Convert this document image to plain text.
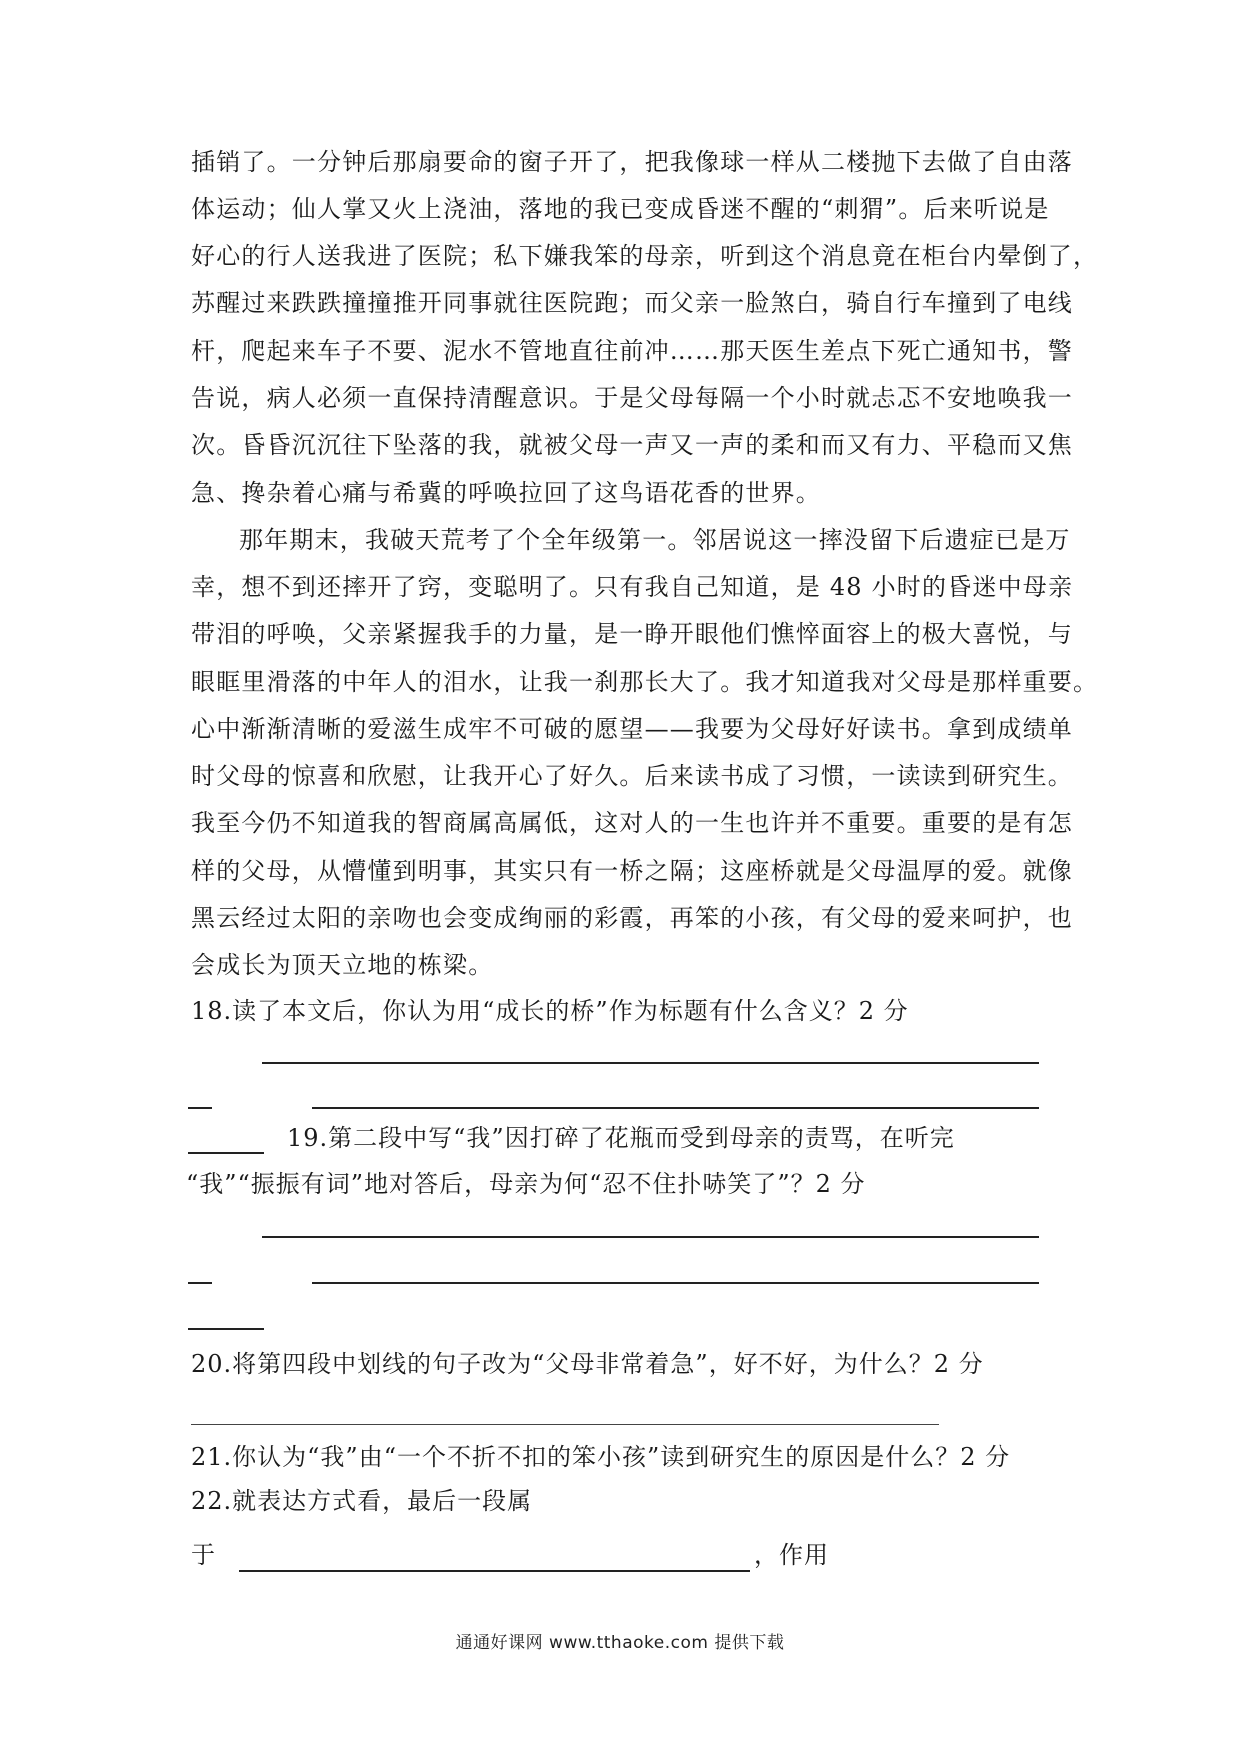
插销了。一分钟后那扇要命的窗子开了，把我像球一样从二楼抛下去做了自由落
体运动；仙人掌又火上浇油，落地的我已变成昏迷不醒的“刺猬”。后来听说是
好心的行人送我进了医院；私下嫌我笨的母亲，听到这个消息竟在柜台内晕倒了，
苏醒过来跌跌撞撞推开同事就往医院跑；而父亲一脸煞白，骑自行车撞到了电线
杆，爬起来车子不要、泥水不管地直往前冲……那天医生差点下死亡通知书，警
告说，病人必须一直保持清醒意识。于是父母每隔一个小时就忐忑不安地唤我一
次。昏昏沉沉往下坠落的我，就被父母一声又一声的柔和而又有力、平稳而又焦
急、搀杂着心痛与希冀的呼唤拉回了这鸟语花香的世界。
那年期末，我破天荒考了个全年级第一。邻居说这一摔没留下后遗症已是万
幸，想不到还摔开了窍，变聪明了。只有我自己知道，是 48 小时的昏迷中母亲
带泪的呼唤，父亲紧握我手的力量，是一睁开眼他们憔悴面容上的极大喜悦，与
眼眶里滑落的中年人的泪水，让我一刹那长大了。我才知道我对父母是那样重要。
心中渐渐清晰的爱滋生成牢不可破的愿望——我要为父母好好读书。拿到成绩单
时父母的惊喜和欣慰，让我开心了好久。后来读书成了习惯，一读读到研究生。
我至今仍不知道我的智商属高属低，这对人的一生也许并不重要。重要的是有怎
样的父母，从懵懂到明事，其实只有一桥之隔；这座桥就是父母温厚的爱。就像
黑云经过太阳的亲吻也会变成绚丽的彩霞，再笨的小孩，有父母的爱来呵护，也
会成长为顶天立地的栋梁。
18.读了本文后，你认为用“成长的桥”作为标题有什么含义？2 分
19.第二段中写“我”因打碎了花瓶而受到母亲的责骂，在听完
“我”“振振有词”地对答后，母亲为何“忍不住扑哧笑了”？2 分
20.将第四段中划线的句子改为“父母非常着急”，好不好，为什么？2 分
21.你认为“我”由“一个不折不扣的笨小孩”读到研究生的原因是什么？2 分
22.就表达方式看，最后一段属
于	，作用
通通好课网 www.tthaoke.com 提供下载
